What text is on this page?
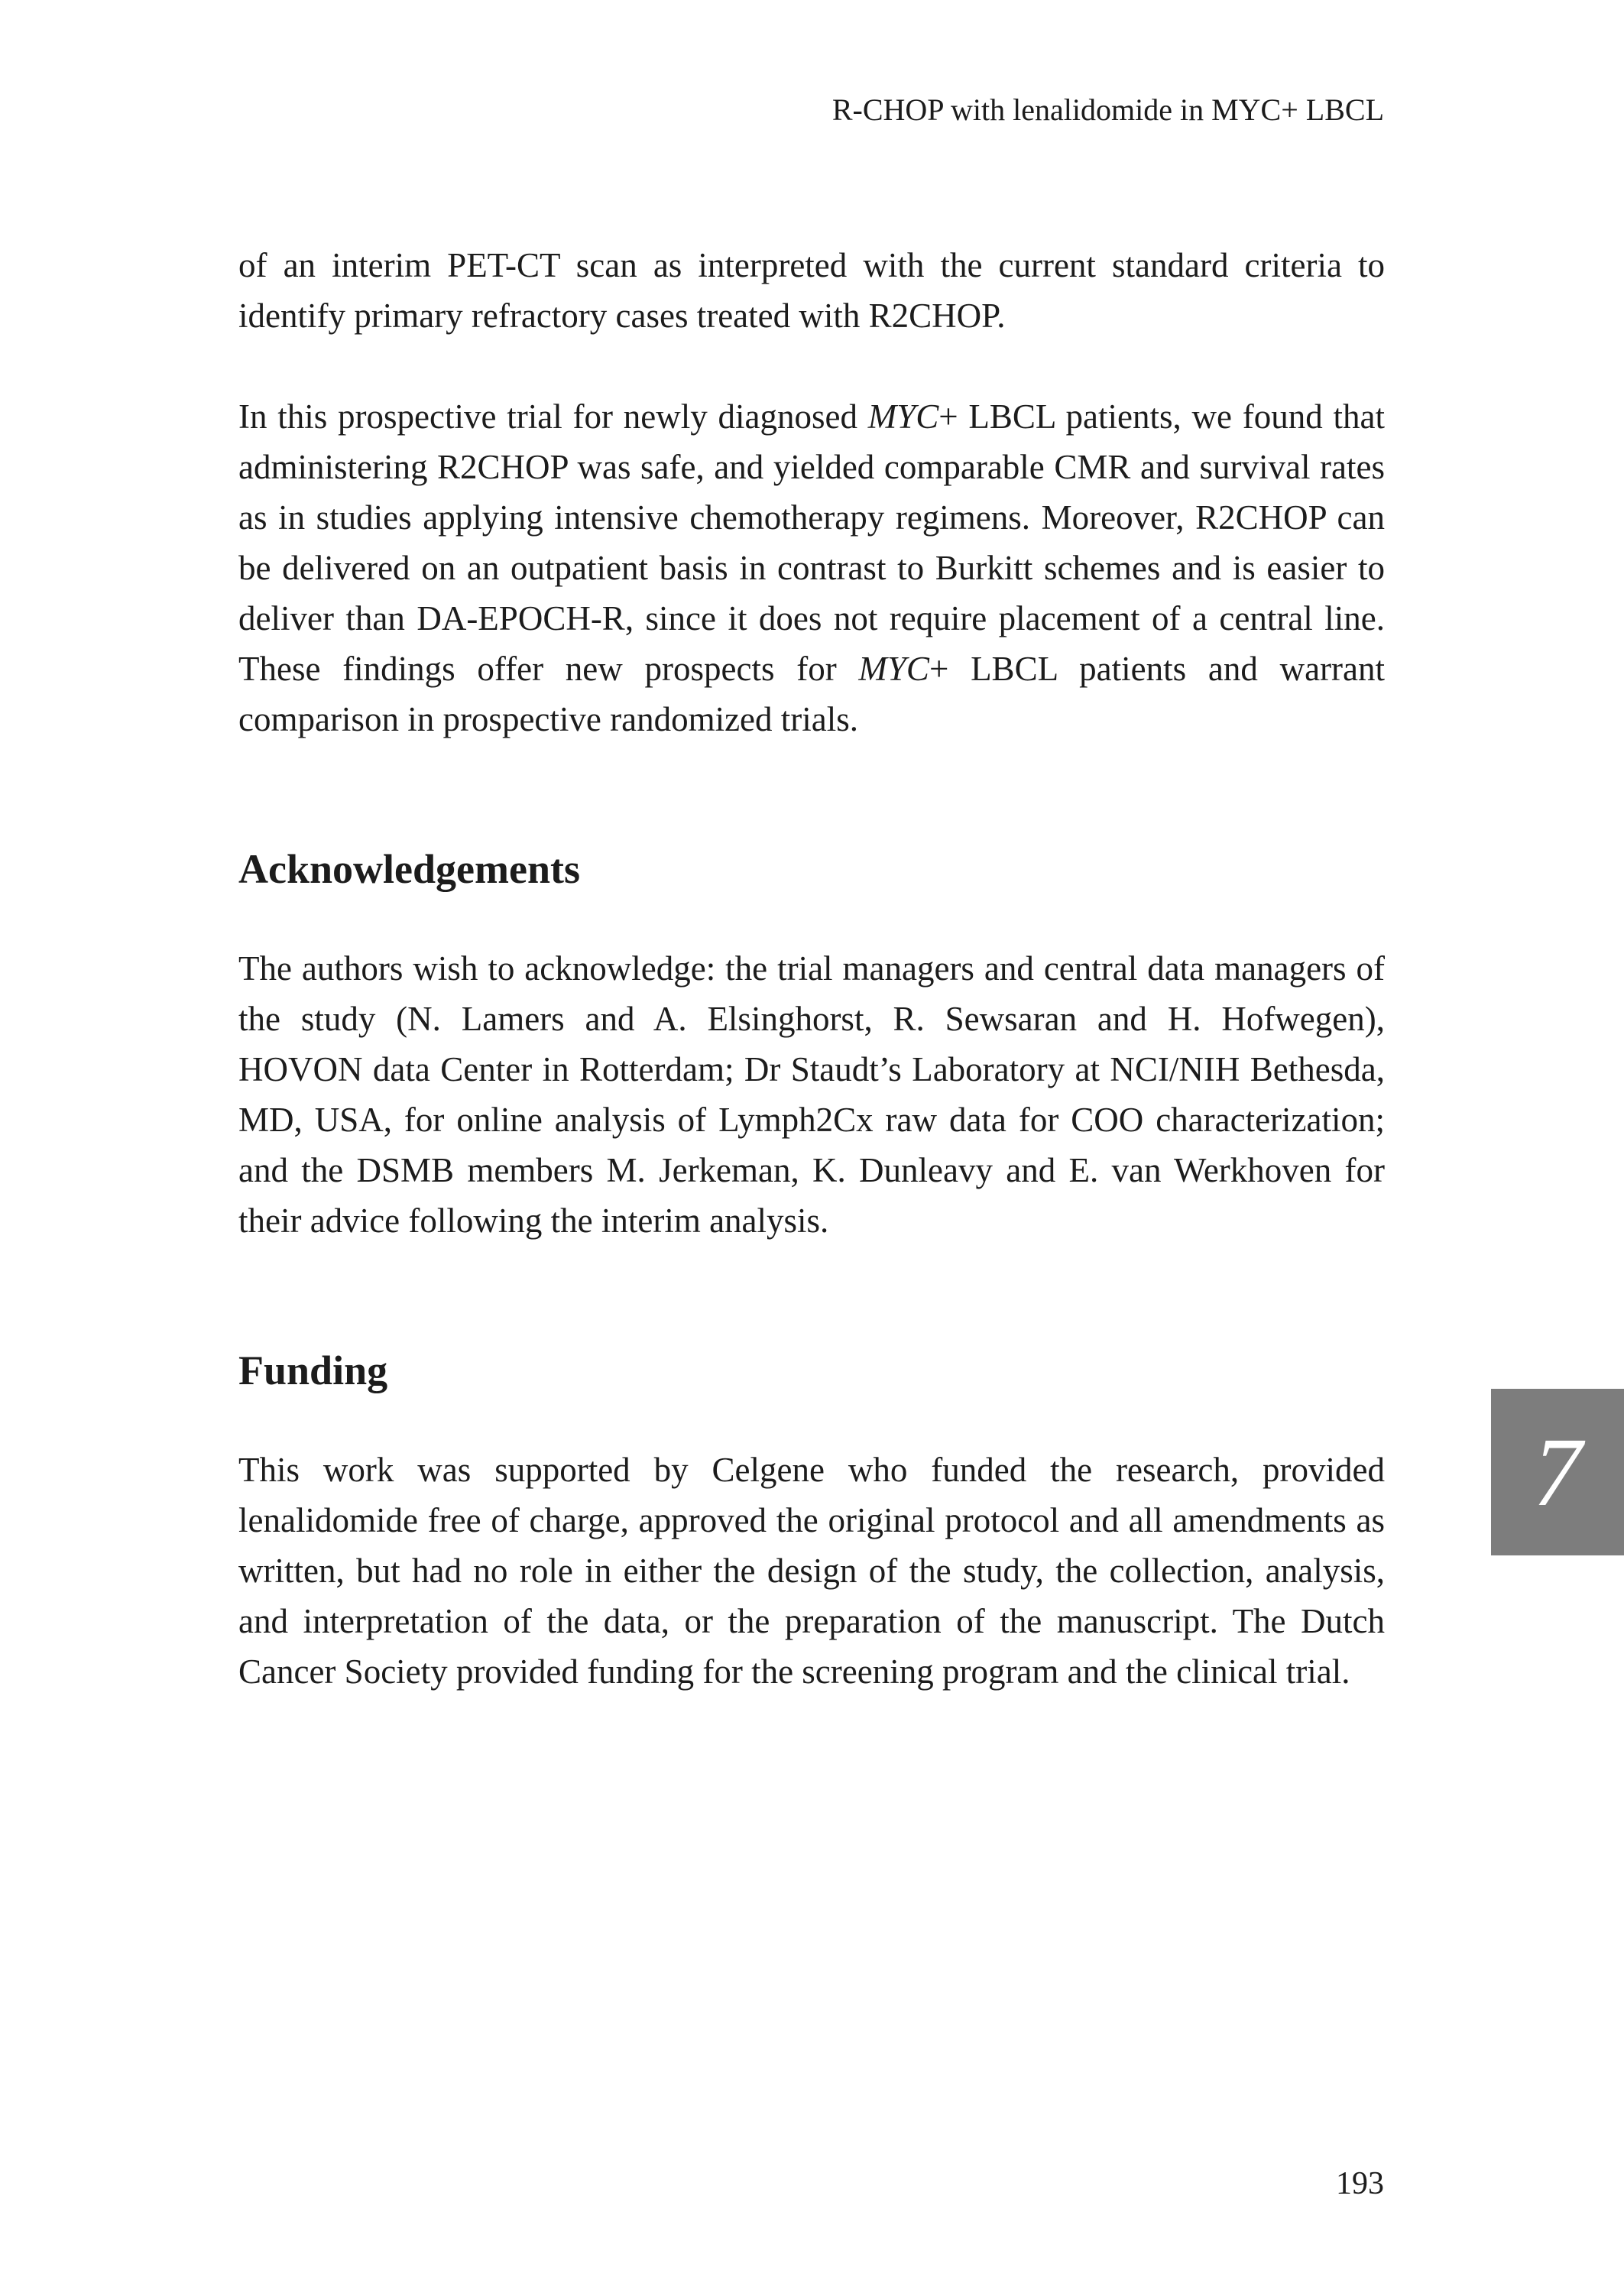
R-CHOP with lenalidomide in MYC+ LBCL

of an interim PET-CT scan as interpreted with the current standard criteria to identify primary refractory cases treated with R2CHOP.

In this prospective trial for newly diagnosed MYC+ LBCL patients, we found that administering R2CHOP was safe, and yielded comparable CMR and survival rates as in studies applying intensive chemotherapy regimens. Moreover, R2CHOP can be delivered on an outpatient basis in contrast to Burkitt schemes and is easier to deliver than DA-EPOCH-R, since it does not require placement of a central line. These findings offer new prospects for MYC+ LBCL patients and warrant comparison in prospective randomized trials.

Acknowledgements

The authors wish to acknowledge: the trial managers and central data managers of the study (N. Lamers and A. Elsinghorst, R. Sewsaran and H. Hofwegen), HOVON data Center in Rotterdam; Dr Staudt’s Laboratory at NCI/NIH Bethesda, MD, USA, for online analysis of Lymph2Cx raw data for COO characterization; and the DSMB members M. Jerkeman, K. Dunleavy and E. van Werkhoven for their advice following the interim analysis.

Funding

This work was supported by Celgene who funded the research, provided lenalidomide free of charge, approved the original protocol and all amendments as written, but had no role in either the design of the study, the collection, analysis, and interpretation of the data, or the preparation of the manuscript. The Dutch Cancer Society provided funding for the screening program and the clinical trial.

7
193
